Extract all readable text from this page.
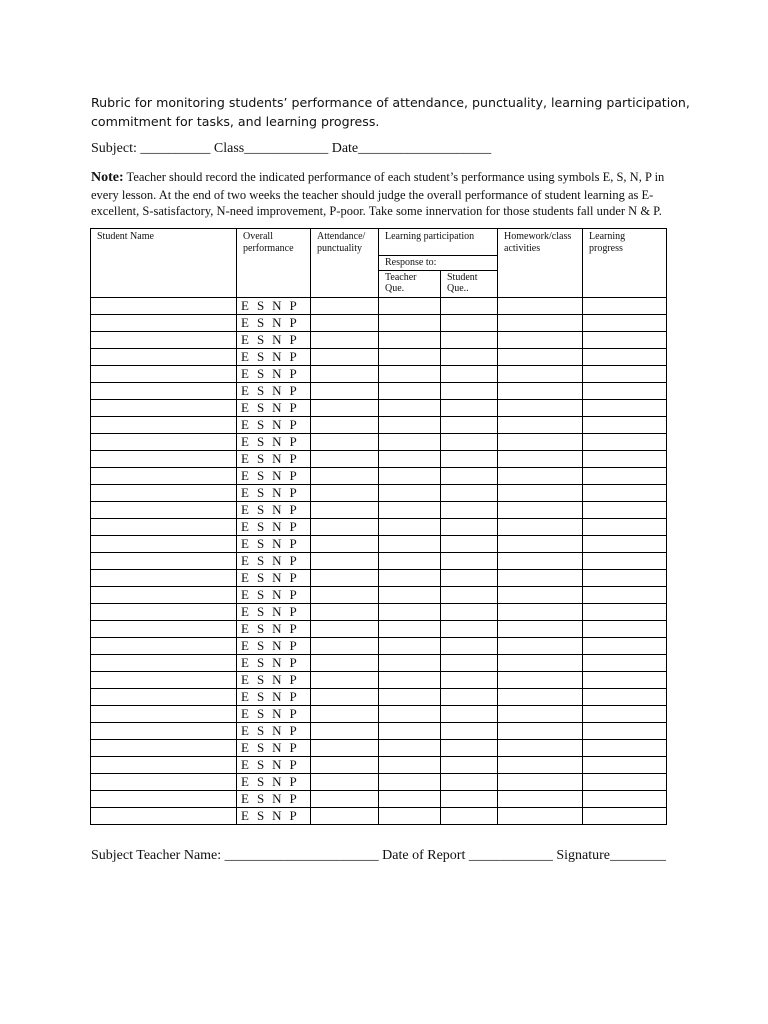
Rubric for monitoring students’ performance of attendance, punctuality, learning participation, commitment for tasks, and learning progress.
Subject: __________ Class____________ Date___________________
Note: Teacher should record the indicated performance of each student’s performance using symbols E, S, N, P in every lesson. At the end of two weeks the teacher should judge the overall performance of student learning as E-excellent, S-satisfactory, N-need improvement, P-poor. Take some innervation for those students fall under N & P.
Student Name	Overall performance	Attendance/ punctuality	Learning participation		Homework/class activities	Learning progress
			Response to:			
			Teacher Que.	Student Que..		
	E  S  N  P					
	E  S  N  P					
	E  S  N  P					
	E  S  N  P					
	E  S  N  P					
	E  S  N  P					
	E  S  N  P					
	E  S  N  P					
	E  S  N  P					
	E  S  N  P					
	E  S  N  P					
	E  S  N  P					
	E  S  N  P					
	E  S  N  P					
	E  S  N  P					
	E  S  N  P					
	E  S  N  P					
	E  S  N  P					
	E  S  N  P					
	E  S  N  P					
	E  S  N  P					
	E  S  N  P					
	E  S  N  P					
	E  S  N  P					
	E  S  N  P					
	E  S  N  P					
	E  S  N  P					
	E  S  N  P					
	E  S  N  P					
	E  S  N  P					
	E  S  N  P					
Subject Teacher Name: ______________________ Date of Report ____________ Signature________
